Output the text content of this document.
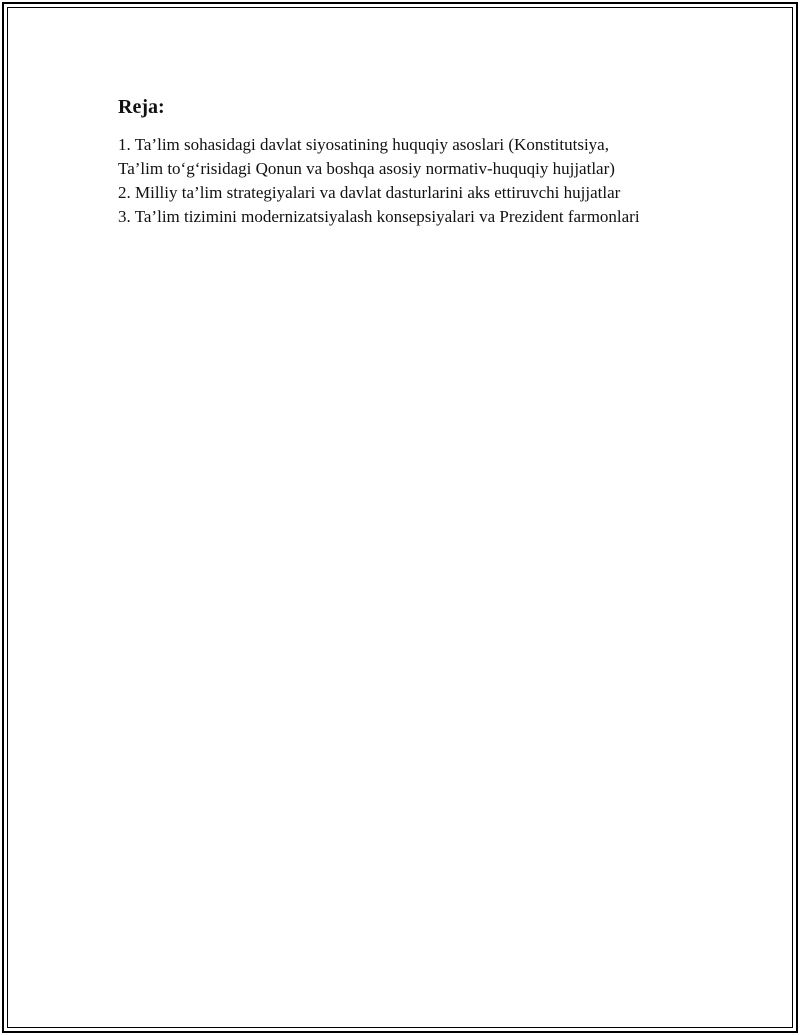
Reja:
1. Ta’lim sohasidagi davlat siyosatining huquqiy asoslari (Konstitutsiya,
Ta’lim to‘g‘risidagi Qonun va boshqa asosiy normativ-huquqiy hujjatlar)
2. Milliy ta’lim strategiyalari va davlat dasturlarini aks ettiruvchi hujjatlar
3. Ta’lim tizimini modernizatsiyalash konsepsiyalari va Prezident farmonlari
